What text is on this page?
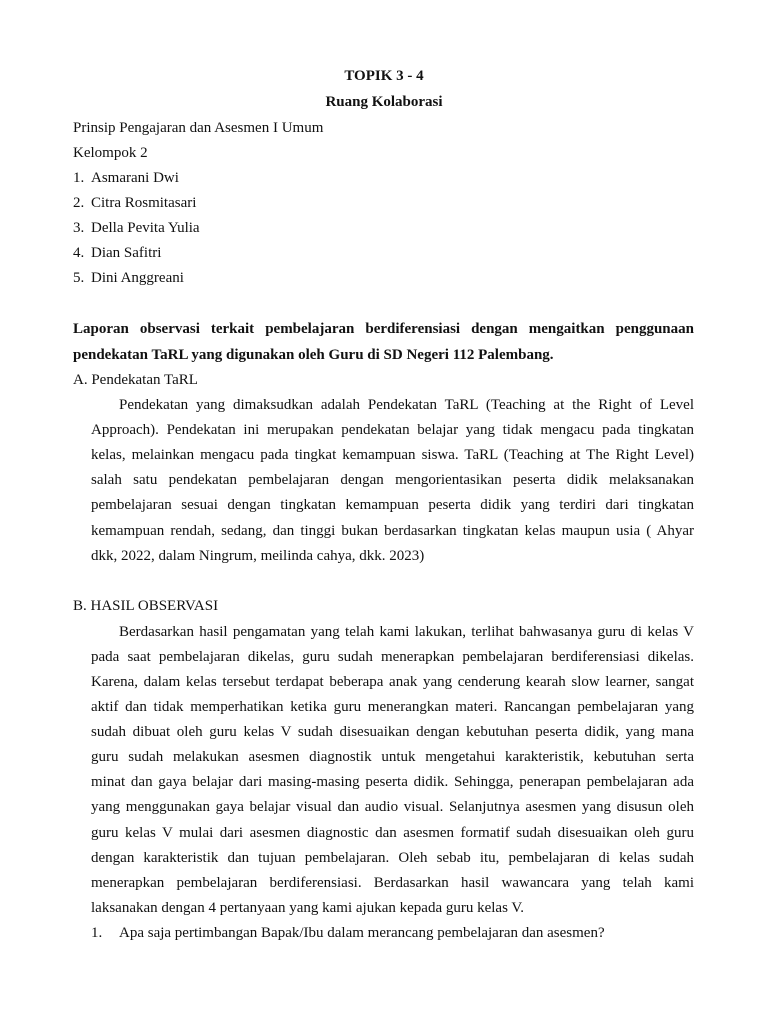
TOPIK 3 - 4
Ruang Kolaborasi
Prinsip Pengajaran dan Asesmen I Umum
Kelompok 2
1. Asmarani Dwi
2. Citra Rosmitasari
3. Della Pevita Yulia
4. Dian Safitri
5. Dini Anggreani
Laporan observasi terkait pembelajaran berdiferensiasi dengan mengaitkan penggunaan
pendekatan TaRL yang digunakan oleh Guru di SD Negeri 112 Palembang.
A. Pendekatan TaRL
Pendekatan yang dimaksudkan adalah Pendekatan TaRL (Teaching at the Right of Level
Approach). Pendekatan ini merupakan pendekatan belajar yang tidak mengacu pada tingkatan
kelas, melainkan mengacu pada tingkat kemampuan siswa. TaRL (Teaching at The Right Level)
salah satu pendekatan pembelajaran dengan mengorientasikan peserta didik melaksanakan
pembelajaran sesuai dengan tingkatan kemampuan peserta didik yang terdiri dari tingkatan
kemampuan rendah, sedang, dan tinggi bukan berdasarkan tingkatan kelas maupun usia ( Ahyar
dkk, 2022, dalam Ningrum, meilinda cahya, dkk. 2023)
B. HASIL OBSERVASI
Berdasarkan hasil pengamatan yang telah kami lakukan, terlihat bahwasanya guru di kelas V
pada saat pembelajaran dikelas, guru sudah menerapkan pembelajaran berdiferensiasi dikelas.
Karena, dalam kelas tersebut terdapat beberapa anak yang cenderung kearah slow learner, sangat
aktif dan tidak memperhatikan ketika guru menerangkan materi. Rancangan pembelajaran yang
sudah dibuat oleh guru kelas V sudah disesuaikan dengan kebutuhan peserta didik, yang mana
guru sudah melakukan asesmen diagnostik untuk mengetahui karakteristik, kebutuhan serta
minat dan gaya belajar dari masing-masing peserta didik. Sehingga, penerapan pembelajaran ada
yang menggunakan gaya belajar visual dan audio visual. Selanjutnya asesmen yang disusun oleh
guru kelas V mulai dari asesmen diagnostic dan asesmen formatif sudah disesuaikan oleh guru
dengan karakteristik dan tujuan pembelajaran. Oleh sebab itu, pembelajaran di kelas sudah
menerapkan pembelajaran berdiferensiasi. Berdasarkan hasil wawancara yang telah kami
laksanakan dengan 4 pertanyaan yang kami ajukan kepada guru kelas V.
1. Apa saja pertimbangan Bapak/Ibu dalam merancang pembelajaran dan asesmen?
